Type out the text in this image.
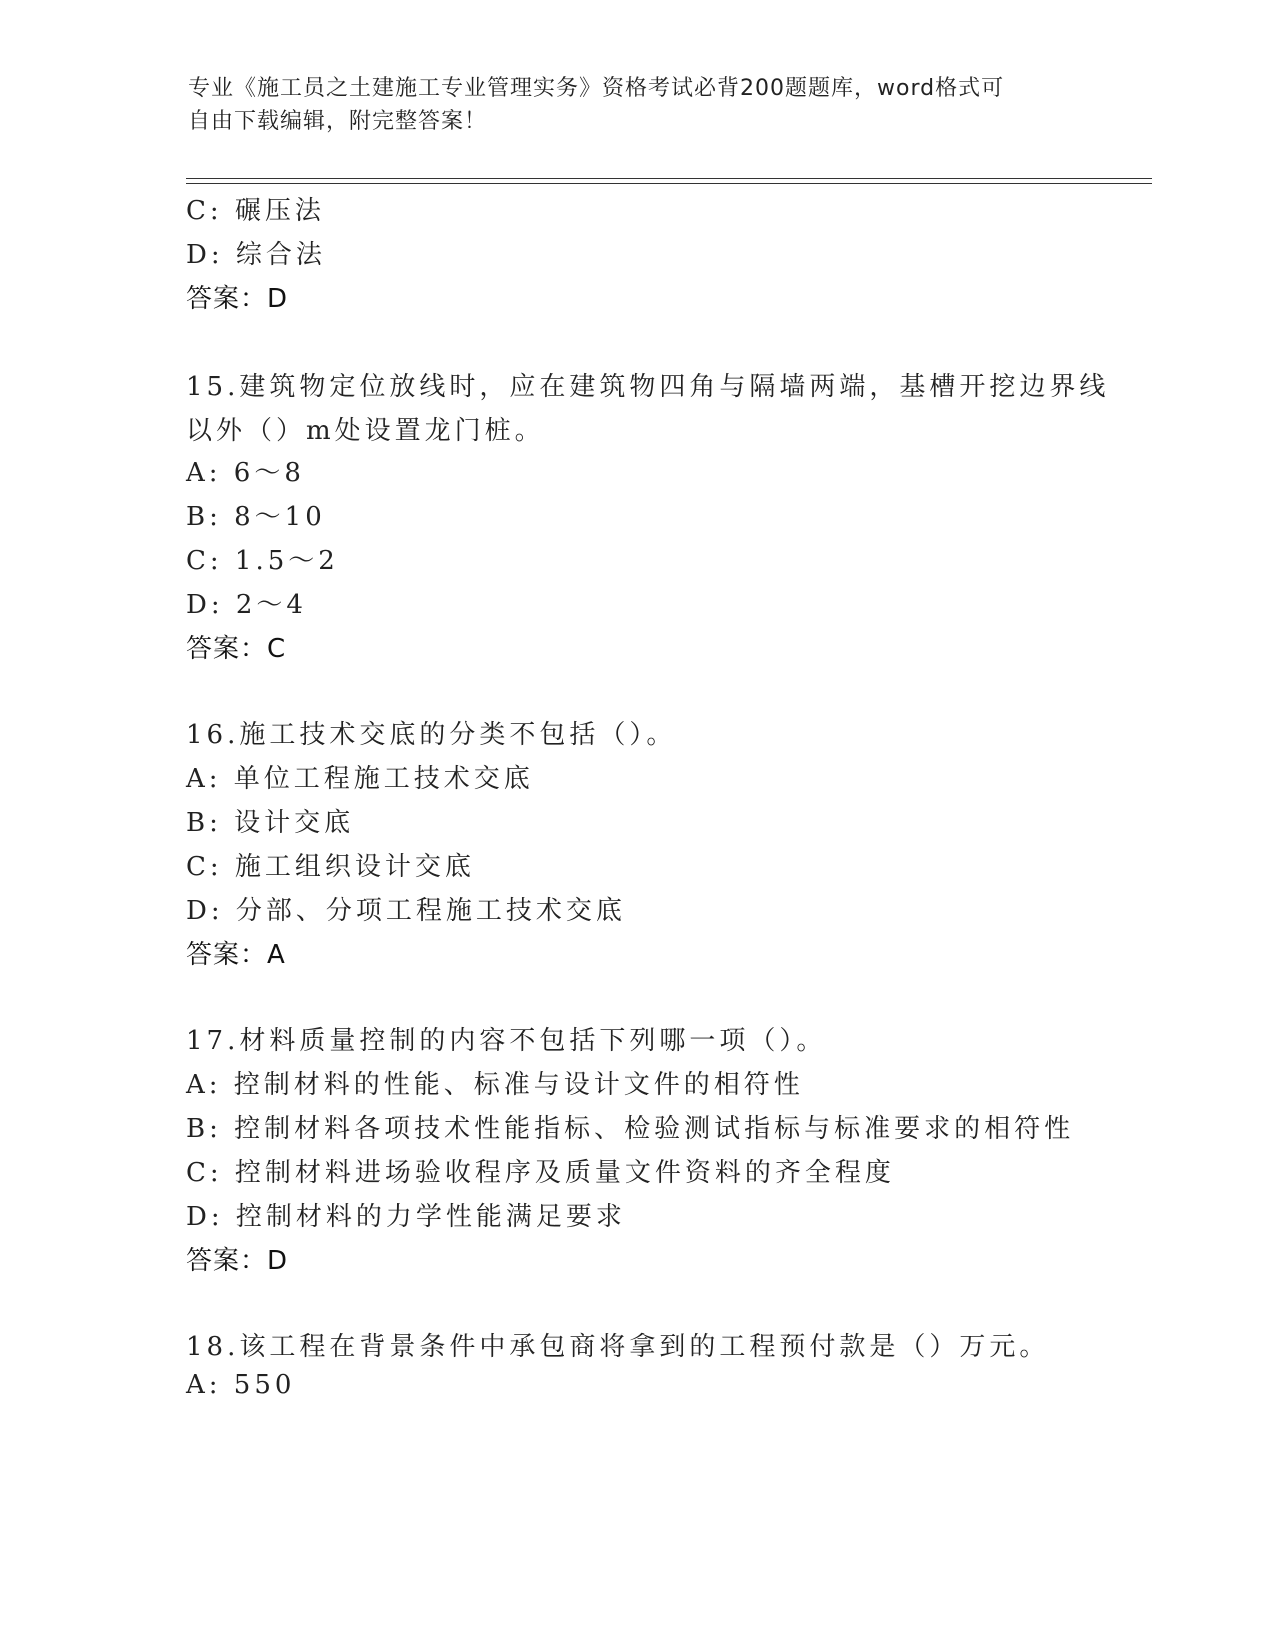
专业《施工员之土建施工专业管理实务》资格考试必背200题题库，word格式可
自由下载编辑，附完整答案！
C: 碾压法
D: 综合法
答案：D
15.建筑物定位放线时，应在建筑物四角与隔墙两端，基槽开挖边界线
以外（）m处设置龙门桩。
A: 6～8
B: 8～10
C: 1.5～2
D: 2～4
答案：C
16.施工技术交底的分类不包括（）。
A: 单位工程施工技术交底
B: 设计交底
C: 施工组织设计交底
D: 分部、分项工程施工技术交底
答案：A
17.材料质量控制的内容不包括下列哪一项（）。
A: 控制材料的性能、标准与设计文件的相符性
B: 控制材料各项技术性能指标、检验测试指标与标准要求的相符性
C: 控制材料进场验收程序及质量文件资料的齐全程度
D: 控制材料的力学性能满足要求
答案：D
18.该工程在背景条件中承包商将拿到的工程预付款是（）万元。
A: 550
